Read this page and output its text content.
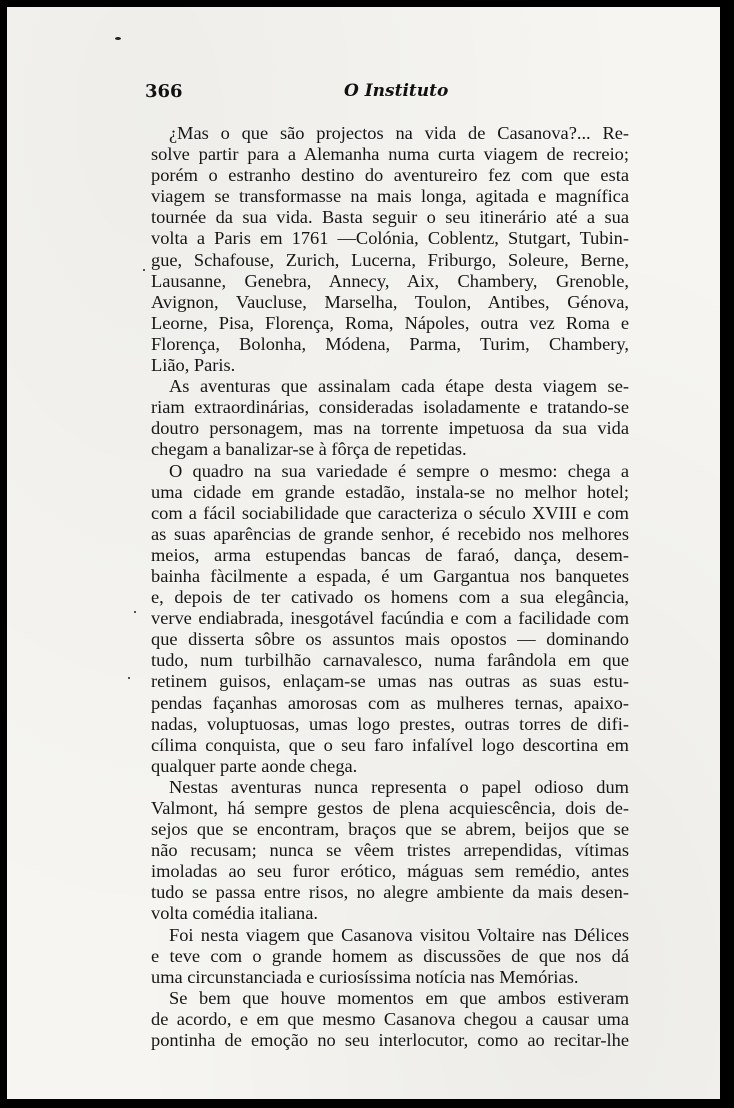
366	O Instituto
¿Mas o que são projectos na vida de Casanova?... Re-
solve partir para a Alemanha numa curta viagem de recreio;
porém o estranho destino do aventureiro fez com que esta
viagem se transformasse na mais longa, agitada e magnífica
tournée da sua vida. Basta seguir o seu itinerário até a sua
volta a Paris em 1761 —Colónia, Coblentz, Stutgart, Tubin-
gue, Schafouse, Zurich, Lucerna, Friburgo, Soleure, Berne,
Lausanne, Genebra, Annecy, Aix, Chambery, Grenoble,
Avignon, Vaucluse, Marselha, Toulon, Antibes, Génova,
Leorne, Pisa, Florença, Roma, Nápoles, outra vez Roma e
Florença, Bolonha, Módena, Parma, Turim, Chambery,
Lião, Paris.
As aventuras que assinalam cada étape desta viagem se-
riam extraordinárias, consideradas isoladamente e tratando-se
doutro personagem, mas na torrente impetuosa da sua vida
chegam a banalizar-se à fôrça de repetidas.
O quadro na sua variedade é sempre o mesmo: chega a
uma cidade em grande estadão, instala-se no melhor hotel;
com a fácil sociabilidade que caracteriza o século XVIII e com
as suas aparências de grande senhor, é recebido nos melhores
meios, arma estupendas bancas de faraó, dança, desem-
bainha fàcilmente a espada, é um Gargantua nos banquetes
e, depois de ter cativado os homens com a sua elegância,
verve endiabrada, inesgotável facúndia e com a facilidade com
que disserta sôbre os assuntos mais opostos — dominando
tudo, num turbilhão carnavalesco, numa farândola em que
retinem guisos, enlaçam-se umas nas outras as suas estu-
pendas façanhas amorosas com as mulheres ternas, apaixo-
nadas, voluptuosas, umas logo prestes, outras torres de difi-
cílima conquista, que o seu faro infalível logo descortina em
qualquer parte aonde chega.
Nestas aventuras nunca representa o papel odioso dum
Valmont, há sempre gestos de plena acquiescência, dois de-
sejos que se encontram, braços que se abrem, beijos que se
não recusam; nunca se vêem tristes arrependidas, vítimas
imoladas ao seu furor erótico, máguas sem remédio, antes
tudo se passa entre risos, no alegre ambiente da mais desen-
volta comédia italiana.
Foi nesta viagem que Casanova visitou Voltaire nas Délices
e teve com o grande homem as discussões de que nos dá
uma circunstanciada e curiosíssima notícia nas Memórias.
Se bem que houve momentos em que ambos estiveram
de acordo, e em que mesmo Casanova chegou a causar uma
pontinha de emoção no seu interlocutor, como ao recitar-lhe
